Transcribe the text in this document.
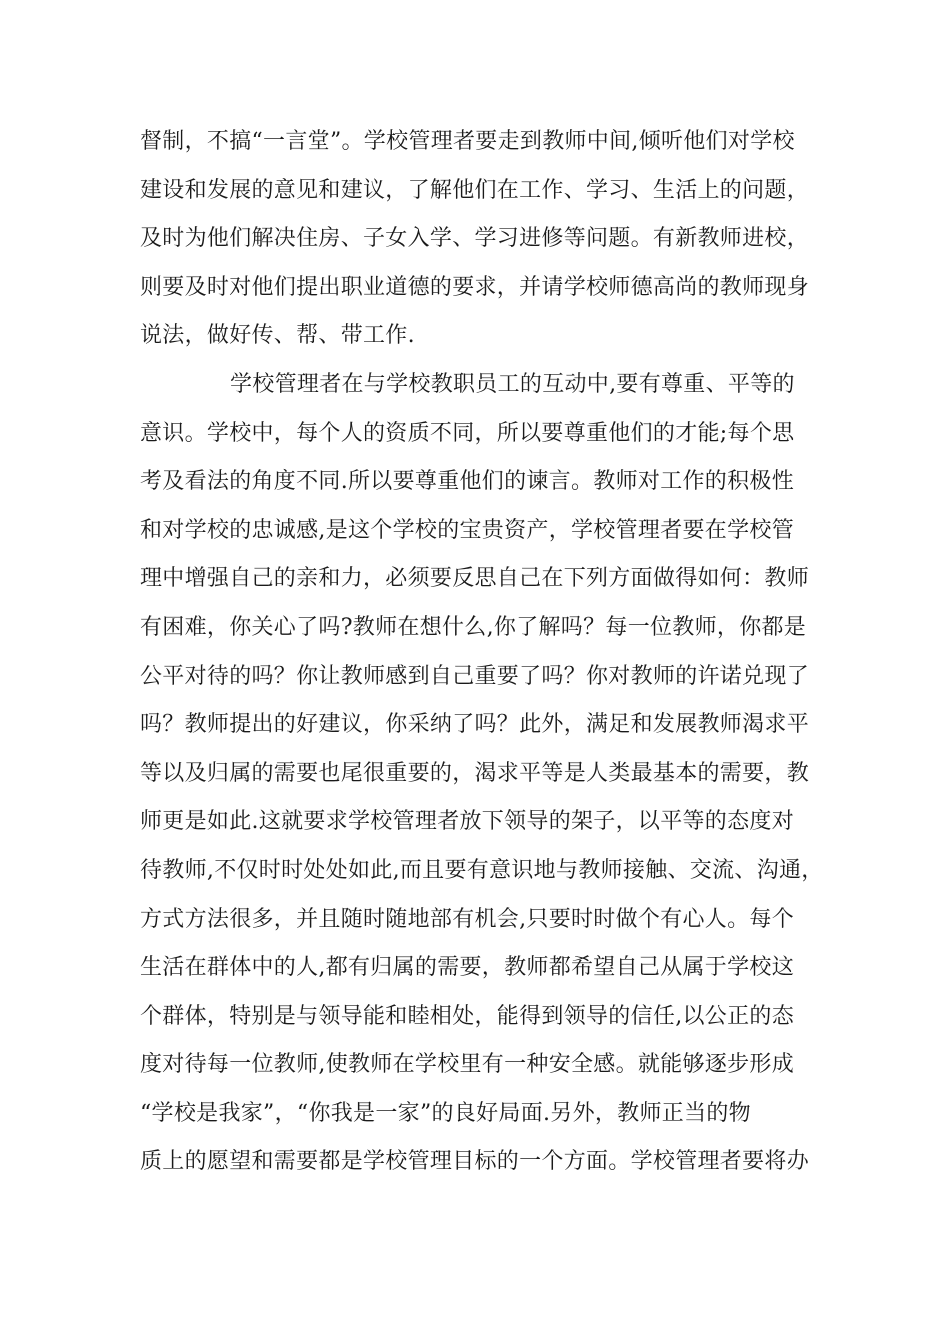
督制，不搞“一言堂”。学校管理者要走到教师中间,倾听他们对学校
建设和发展的意见和建议，了解他们在工作、学习、生活上的问题，
及时为他们解决住房、子女入学、学习进修等问题。有新教师进校，
则要及时对他们提出职业道德的要求，并请学校师德高尚的教师现身
说法，做好传、帮、带工作.
学校管理者在与学校教职员工的互动中,要有尊重、平等的
意识。学校中，每个人的资质不同，所以要尊重他们的才能;每个思
考及看法的角度不同.所以要尊重他们的谏言。教师对工作的积极性
和对学校的忠诚感,是这个学校的宝贵资产，学校管理者要在学校管
理中增强自己的亲和力，必须要反思自己在下列方面做得如何：教师
有困难，你关心了吗?教师在想什么,你了解吗？每一位教师，你都是
公平对待的吗？你让教师感到自己重要了吗？你对教师的许诺兑现了
吗？教师提出的好建议，你采纳了吗？此外，满足和发展教师渴求平
等以及归属的需要也尾很重要的，渴求平等是人类最基本的需要，教
师更是如此.这就要求学校管理者放下领导的架子，以平等的态度对
待教师,不仅时时处处如此,而且要有意识地与教师接触、交流、沟通，
方式方法很多，并且随时随地部有机会,只要时时做个有心人。每个
生活在群体中的人,都有归属的需要，教师都希望自己从属于学校这
个群体，特别是与领导能和睦相处，能得到领导的信任,以公正的态
度对待每一位教师,使教师在学校里有一种安全感。就能够逐步形成
“学校是我家”，“你我是一家”的良好局面.另外，教师正当的物
质上的愿望和需要都是学校管理目标的一个方面。学校管理者要将办
